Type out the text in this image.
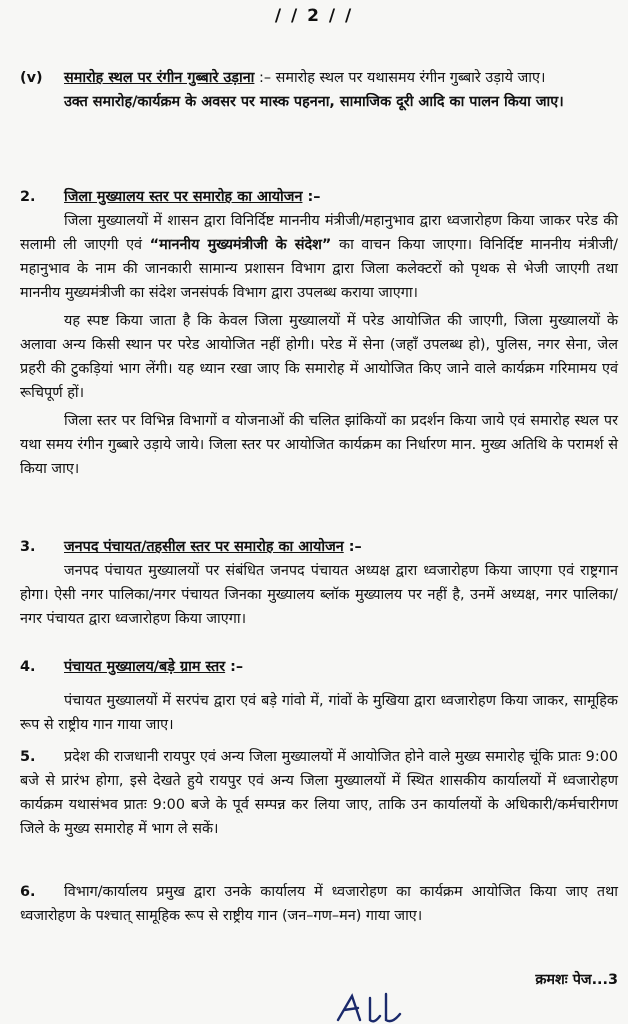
/ / 2 / /

(v) समारोह स्थल पर रंगीन गुब्बारे उड़ाना :– समारोह स्थल पर यथासमय रंगीन गुब्बारे उड़ाये जाए।

उक्त समारोह/कार्यक्रम के अवसर पर मास्क पहनना, सामाजिक दूरी आदि का पालन किया जाए।

2. जिला मुख्यालय स्तर पर समारोह का आयोजन :–

जिला मुख्यालयों में शासन द्वारा विनिर्दिष्ट माननीय मंत्रीजी/महानुभाव द्वारा ध्वजारोहण किया जाकर परेड की सलामी ली जाएगी एवं “माननीय मुख्यमंत्रीजी के संदेश” का वाचन किया जाएगा। विनिर्दिष्ट माननीय मंत्रीजी/महानुभाव के नाम की जानकारी सामान्य प्रशासन विभाग द्वारा जिला कलेक्टरों को पृथक से भेजी जाएगी तथा माननीय मुख्यमंत्रीजी का संदेश जनसंपर्क विभाग द्वारा उपलब्ध कराया जाएगा।

यह स्पष्ट किया जाता है कि केवल जिला मुख्यालयों में परेड आयोजित की जाएगी, जिला मुख्यालयों के अलावा अन्य किसी स्थान पर परेड आयोजित नहीं होगी। परेड में सेना (जहाँ उपलब्ध हो), पुलिस, नगर सेना, जेल प्रहरी की टुकड़ियां भाग लेंगी। यह ध्यान रखा जाए कि समारोह में आयोजित किए जाने वाले कार्यक्रम गरिमामय एवं रूचिपूर्ण हों।

जिला स्तर पर विभिन्न विभागों व योजनाओं की चलित झांकियों का प्रदर्शन किया जाये एवं समारोह स्थल पर यथा समय रंगीन गुब्बारे उड़ाये जाये। जिला स्तर पर आयोजित कार्यक्रम का निर्धारण मान. मुख्य अतिथि के परामर्श से किया जाए।

3. जनपद पंचायत/तहसील स्तर पर समारोह का आयोजन :–

जनपद पंचायत मुख्यालयों पर संबंधित जनपद पंचायत अध्यक्ष द्वारा ध्वजारोहण किया जाएगा एवं राष्ट्रगान होगा। ऐसी नगर पालिका/नगर पंचायत जिनका मुख्यालय ब्लॉक मुख्यालय पर नहीं है, उनमें अध्यक्ष, नगर पालिका/नगर पंचायत द्वारा ध्वजारोहण किया जाएगा।

4. पंचायत मुख्यालय/बड़े ग्राम स्तर :–

पंचायत मुख्यालयों में सरपंच द्वारा एवं बड़े गांवो में, गांवों के मुखिया द्वारा ध्वजारोहण किया जाकर, सामूहिक रूप से राष्ट्रीय गान गाया जाए।

5. प्रदेश की राजधानी रायपुर एवं अन्य जिला मुख्यालयों में आयोजित होने वाले मुख्य समारोह चूंकि प्रातः 9:00 बजे से प्रारंभ होगा, इसे देखते हुये रायपुर एवं अन्य जिला मुख्यालयों में स्थित शासकीय कार्यालयों में ध्वजारोहण कार्यक्रम यथासंभव प्रातः 9:00 बजे के पूर्व सम्पन्न कर लिया जाए, ताकि उन कार्यालयों के अधिकारी/कर्मचारीगण जिले के मुख्य समारोह में भाग ले सकें।

6. विभाग/कार्यालय प्रमुख द्वारा उनके कार्यालय में ध्वजारोहण का कार्यक्रम आयोजित किया जाए तथा ध्वजारोहण के पश्चात् सामूहिक रूप से राष्ट्रीय गान (जन–गण–मन) गाया जाए।

क्रमशः पेज...3
